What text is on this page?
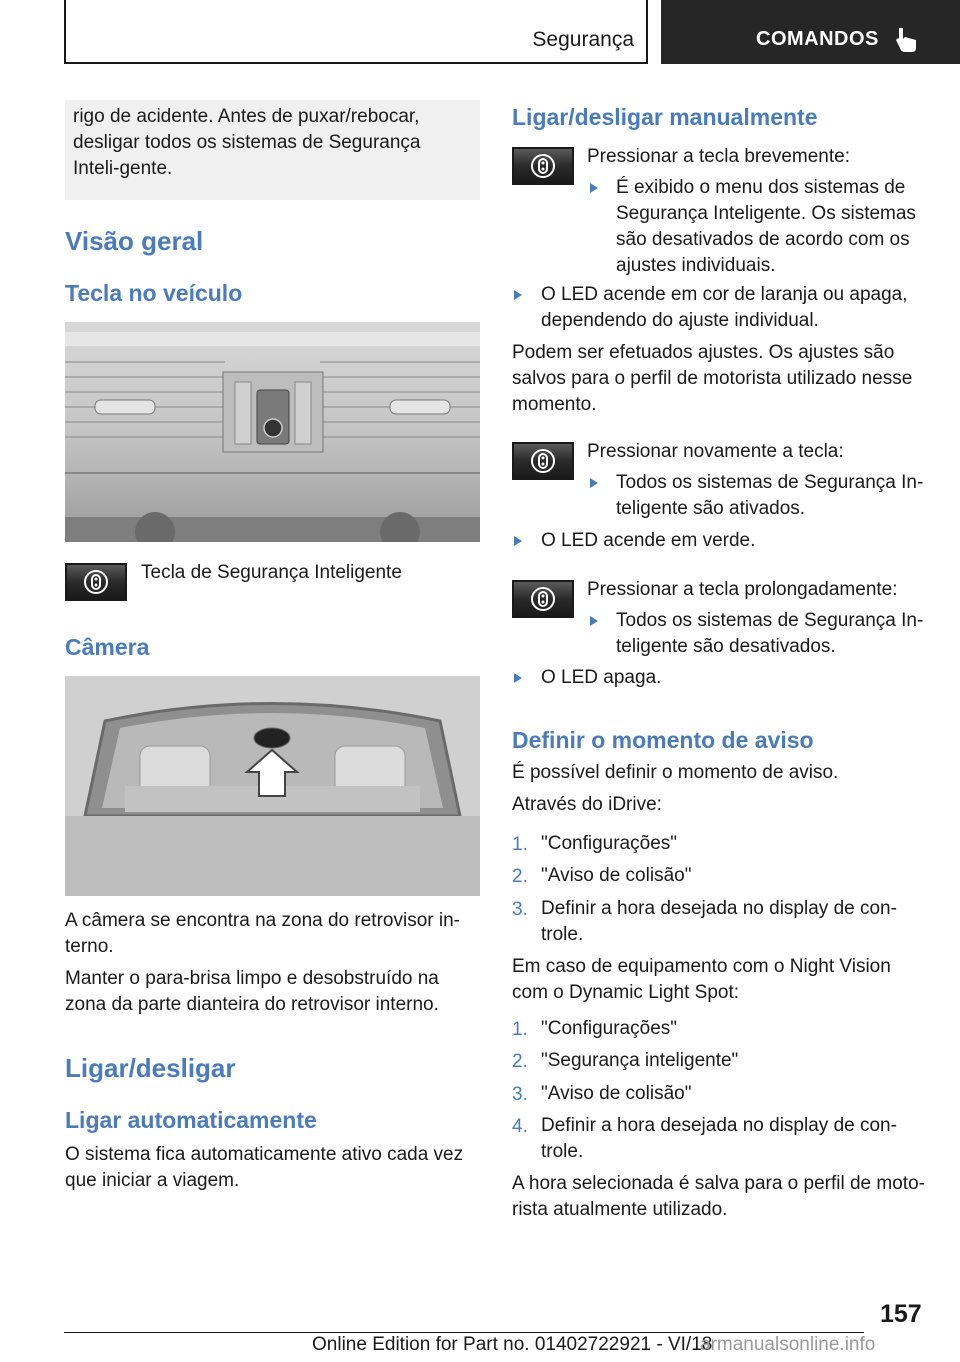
Segurança	COMANDOS

rigo de acidente. Antes de puxar/rebocar, desligar todos os sistemas de Segurança Inteli-gente.

Visão geral
Tecla no veículo

Tecla de Segurança Inteligente

Câmera

A câmera se encontra na zona do retrovisor in-terno.

Manter o para-brisa limpo e desobstruído na zona da parte dianteira do retrovisor interno.

Ligar/desligar
Ligar automaticamente

O sistema fica automaticamente ativo cada vez que iniciar a viagem.

Ligar/desligar manualmente

Pressionar a tecla brevemente:

É exibido o menu dos sistemas de Segurança Inteligente. Os sistemas são desativados de acordo com os ajustes individuais.

O LED acende em cor de laranja ou apaga, dependendo do ajuste individual.

Podem ser efetuados ajustes. Os ajustes são salvos para o perfil de motorista utilizado nesse momento.

Pressionar novamente a tecla:

Todos os sistemas de Segurança In-teligente são ativados.

O LED acende em verde.

Pressionar a tecla prolongadamente:

Todos os sistemas de Segurança In-teligente são desativados.

O LED apaga.

Definir o momento de aviso

É possível definir o momento de aviso.

Através do iDrive:

1. "Configurações"

2. "Aviso de colisão"

3. Definir a hora desejada no display de con-trole.

Em caso de equipamento com o Night Vision com o Dynamic Light Spot:

1. "Configurações"

2. "Segurança inteligente"

3. "Aviso de colisão"

4. Definir a hora desejada no display de con-trole.

A hora selecionada é salva para o perfil de moto-rista atualmente utilizado.

157
Online Edition for Part no. 01402722921 - VI/18
armanualsonline.info
